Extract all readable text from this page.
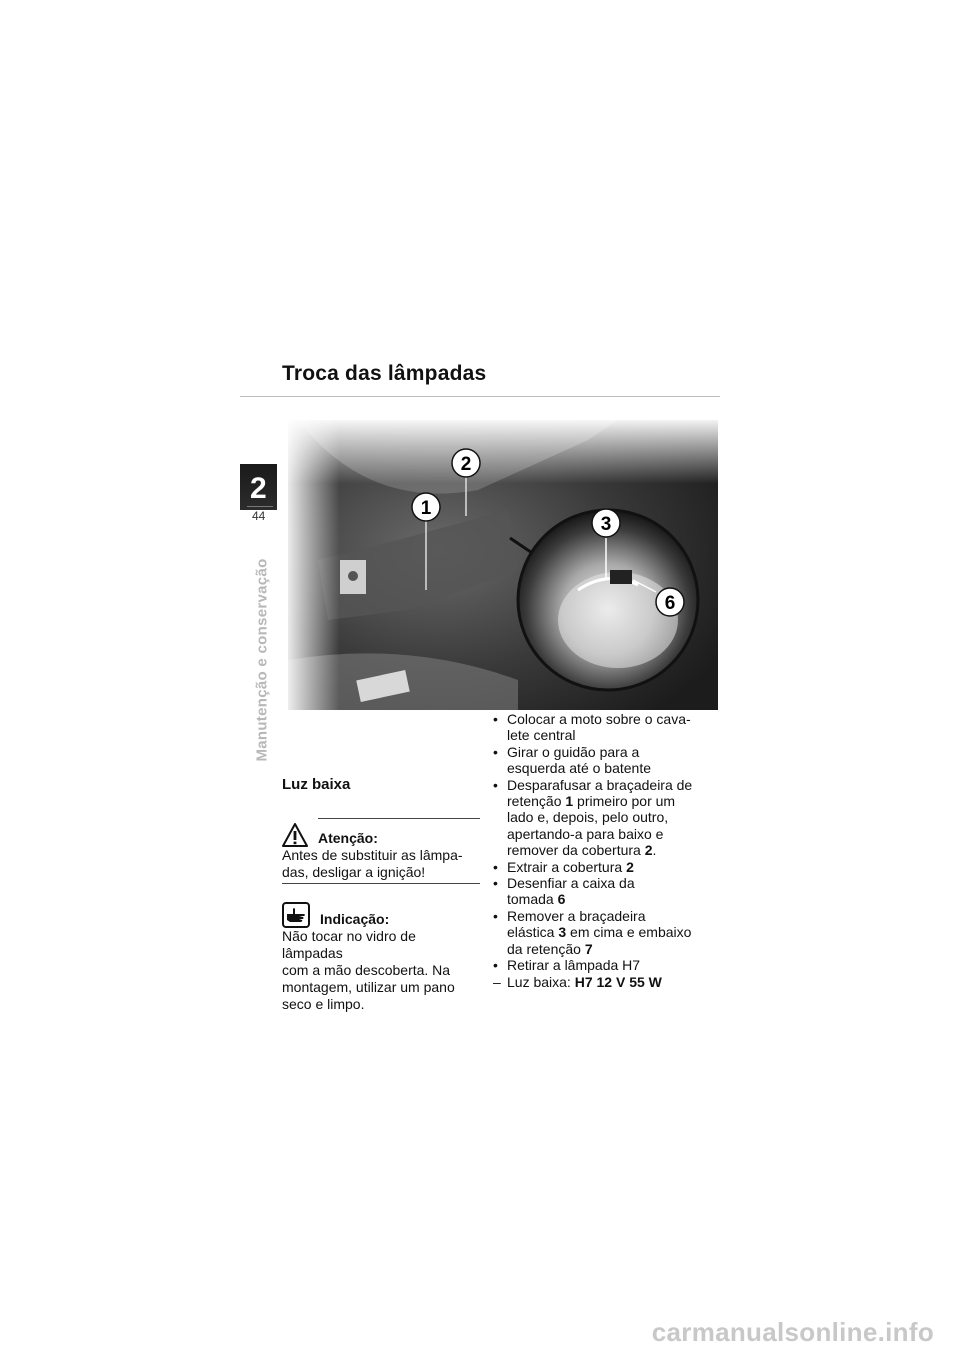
Troca das lâmpadas
2
44
Manutenção e conservação
1
2
3
6
Luz baixa
Atenção:
Antes de substituir as lâmpa-
das, desligar a ignição!
Indicação:
Não tocar no vidro de lâmpadas
com a mão descoberta. Na
montagem, utilizar um pano
seco e limpo.
• Colocar a moto sobre o cava-
lete central
• Girar o guidão para a
esquerda até o batente
• Desparafusar a braçadeira de
retenção 1 primeiro por um
lado e, depois, pelo outro,
apertando-a para baixo e
remover da cobertura 2.
• Extrair a cobertura 2
• Desenfiar a caixa da
tomada 6
• Remover a braçadeira
elástica 3 em cima e embaixo
da retenção 7
• Retirar a lâmpada H7
– Luz baixa: H7 12 V 55 W
carmanualsonline.info
